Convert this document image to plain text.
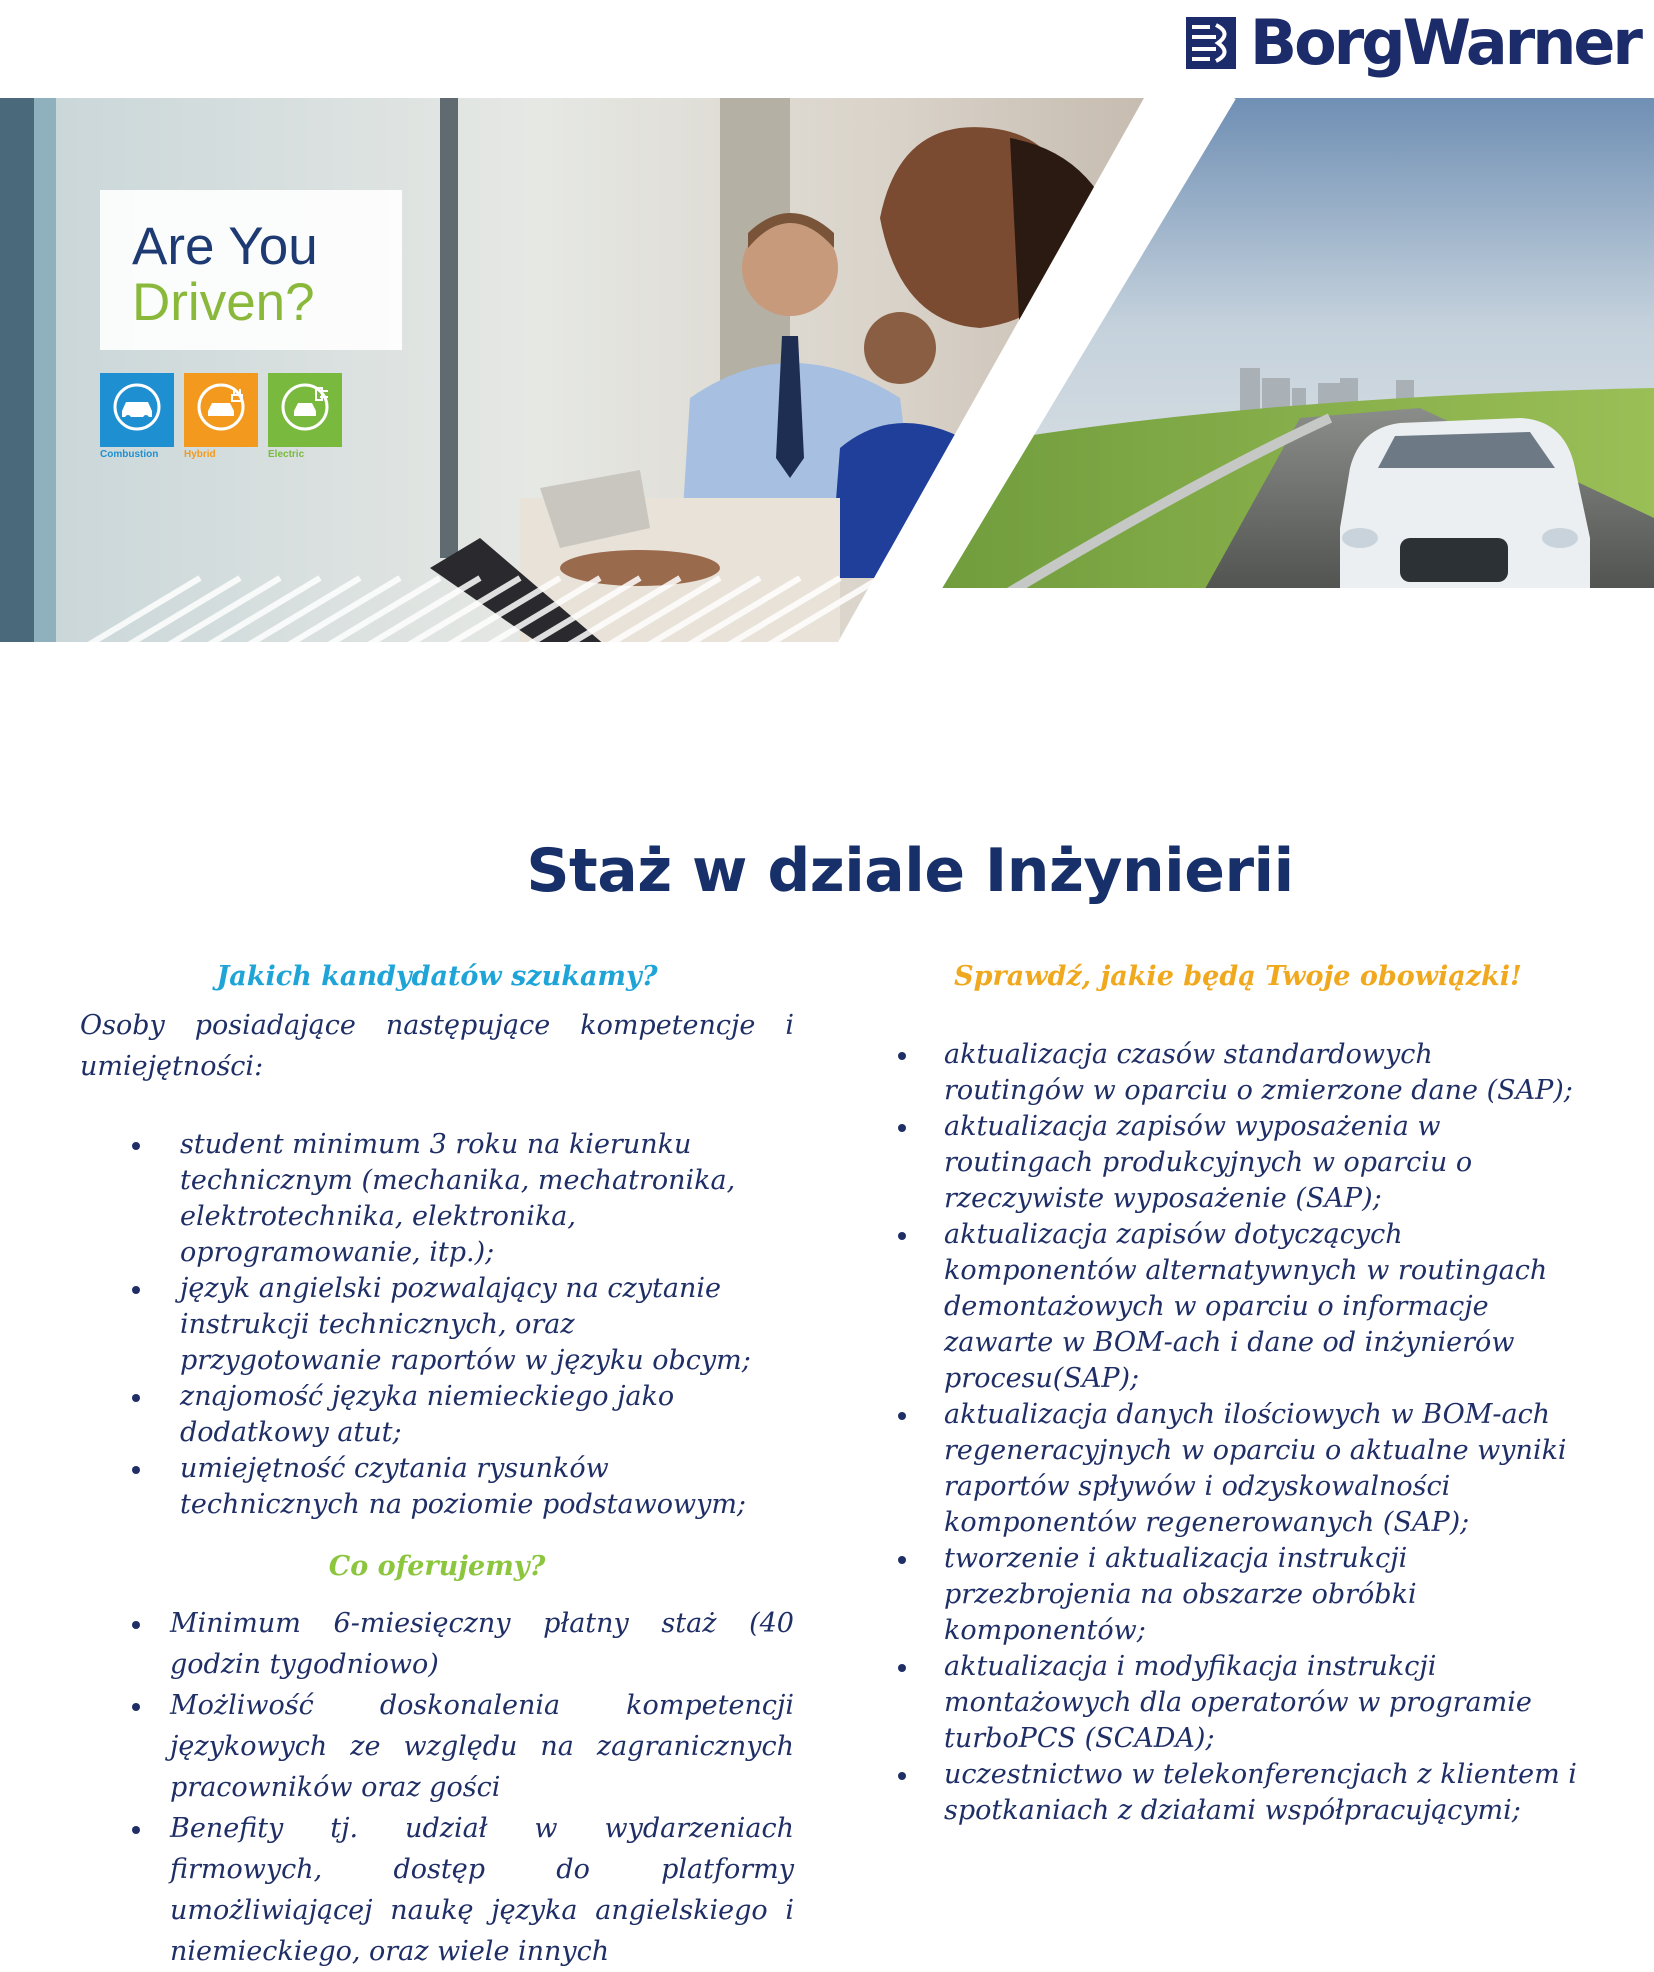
BorgWarner
Are You
Driven?
Combustion	Hybrid	Electric
Staż w dziale Inżynierii
Jakich kandydatów szukamy?

Osoby posiadające następujące kompetencje i umiejętności:

student minimum 3 roku na kierunku technicznym (mechanika, mechatronika, elektrotechnika, elektronika, oprogramowanie, itp.);
język angielski pozwalający na czytanie instrukcji technicznych, oraz przygotowanie raportów w języku obcym;
znajomość języka niemieckiego jako dodatkowy atut;
umiejętność czytania rysunków technicznych na poziomie podstawowym;
Co oferujemy?
Minimum 6-miesięczny płatny staż (40 godzin tygodniowo)
Możliwość doskonalenia kompetencji językowych ze względu na zagranicznych pracowników oraz gości
Benefity tj. udział w wydarzeniach firmowych, dostęp do platformy umożliwiającej naukę języka angielskiego i niemieckiego, oraz wiele innych
Sprawdź, jakie będą Twoje obowiązki!
aktualizacja czasów standardowych routingów w oparciu o zmierzone dane (SAP);
aktualizacja zapisów wyposażenia w routingach produkcyjnych w oparciu o rzeczywiste wyposażenie (SAP);
aktualizacja zapisów dotyczących komponentów alternatywnych w routingach demontażowych w oparciu o informacje zawarte w BOM-ach i dane od inżynierów procesu(SAP);
aktualizacja danych ilościowych w BOM-ach regeneracyjnych w oparciu o aktualne wyniki raportów spływów i odzyskowalności komponentów regenerowanych (SAP);
tworzenie i aktualizacja instrukcji przezbrojenia na obszarze obróbki komponentów;
aktualizacja i modyfikacja instrukcji montażowych dla operatorów w programie turboPCS (SCADA);
uczestnictwo w telekonferencjach z klientem i spotkaniach z działami współpracującymi;
